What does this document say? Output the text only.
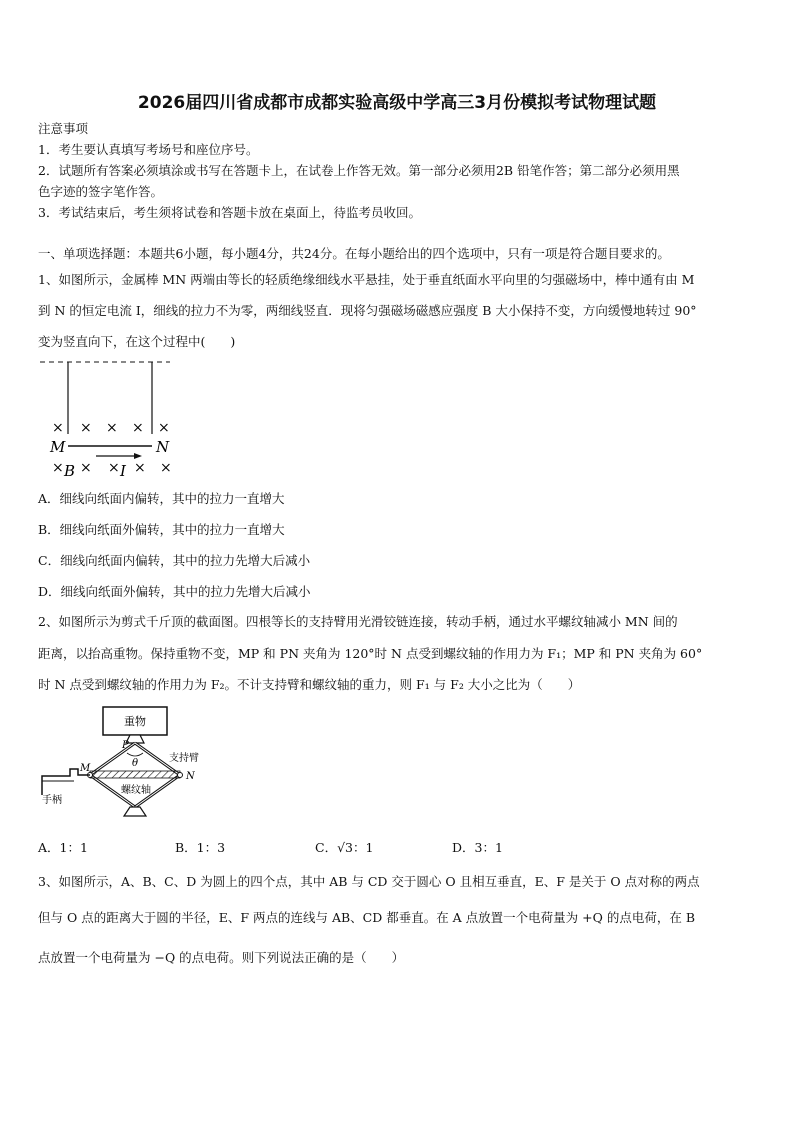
2026届四川省成都市成都实验高级中学高三3月份模拟考试物理试题
注意事项
1．考生要认真填写考场号和座位序号。
2．试题所有答案必须填涂或书写在答题卡上，在试卷上作答无效。第一部分必须用2B 铅笔作答；第二部分必须用黑
色字迹的签字笔作答。
3．考试结束后，考生须将试卷和答题卡放在桌面上，待监考员收回。
一、单项选择题：本题共6小题，每小题4分，共24分。在每小题给出的四个选项中，只有一项是符合题目要求的。
1、如图所示，金属棒 MN 两端由等长的轻质绝缘细线水平悬挂，处于垂直纸面水平向里的匀强磁场中，棒中通有由 M
到 N 的恒定电流 I，细线的拉力不为零，两细线竖直．现将匀强磁场磁感应强度 B 大小保持不变，方向缓慢地转过 90°
变为竖直向下，在这个过程中(　　)
× × × × ×
× × × × ×
M	N
B	I
A．细线向纸面内偏转，其中的拉力一直增大
B．细线向纸面外偏转，其中的拉力一直增大
C．细线向纸面内偏转，其中的拉力先增大后减小
D．细线向纸面外偏转，其中的拉力先增大后减小
2、如图所示为剪式千斤顶的截面图。四根等长的支持臂用光滑铰链连接，转动手柄，通过水平螺纹轴减小 MN 间的
距离，以抬高重物。保持重物不变，MP 和 PN 夹角为 120°时 N 点受到螺纹轴的作用力为 F₁；MP 和 PN 夹角为 60°
时 N 点受到螺纹轴的作用力为 F₂。不计支持臂和螺纹轴的重力，则 F₁ 与 F₂ 大小之比为（　　）
重物
θ
P
支持臂
螺纹轴
M
N
手柄
A．1：1	B．1：3	C．√3：1	D．3：1
3、如图所示，A、B、C、D 为圆上的四个点，其中 AB 与 CD 交于圆心 O 且相互垂直，E、F 是关于 O 点对称的两点
但与 O 点的距离大于圆的半径，E、F 两点的连线与 AB、CD 都垂直。在 A 点放置一个电荷量为 +Q 的点电荷，在 B
点放置一个电荷量为 −Q 的点电荷。则下列说法正确的是（　　）
